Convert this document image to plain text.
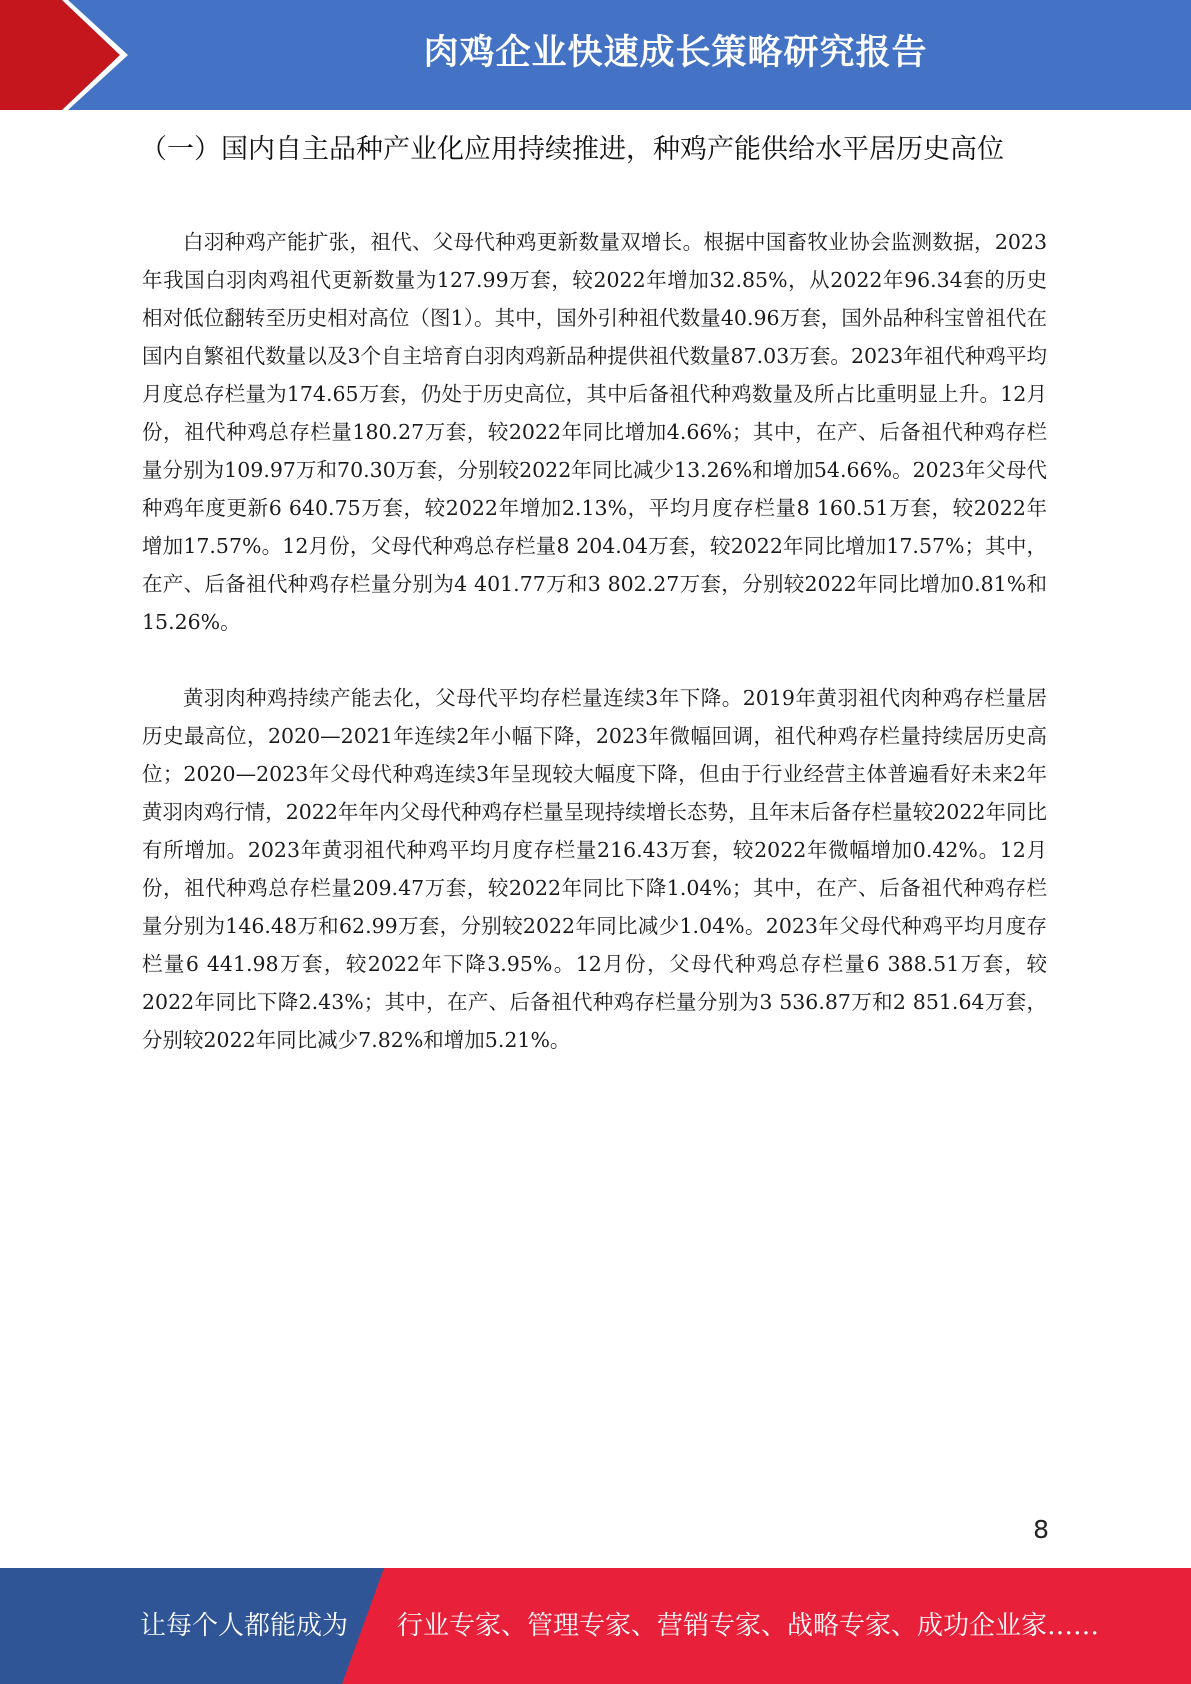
肉鸡企业快速成长策略研究报告
（一）国内自主品种产业化应用持续推进，种鸡产能供给水平居历史高位

白羽种鸡产能扩张，祖代、父母代种鸡更新数量双增长。根据中国畜牧业协会监测数据，2023年我国白羽肉鸡祖代更新数量为127.99万套，较2022年增加32.85%，从2022年96.34套的历史相对低位翻转至历史相对高位（图1）。其中，国外引种祖代数量40.96万套，国外品种科宝曾祖代在国内自繁祖代数量以及3个自主培育白羽肉鸡新品种提供祖代数量87.03万套。2023年祖代种鸡平均月度总存栏量为174.65万套，仍处于历史高位，其中后备祖代种鸡数量及所占比重明显上升。12月份，祖代种鸡总存栏量180.27万套，较2022年同比增加4.66%；其中，在产、后备祖代种鸡存栏量分别为109.97万和70.30万套，分别较2022年同比减少13.26%和增加54.66%。2023年父母代种鸡年度更新6 640.75万套，较2022年增加2.13%，平均月度存栏量8 160.51万套，较2022年增加17.57%。12月份，父母代种鸡总存栏量8 204.04万套，较2022年同比增加17.57%；其中，在产、后备祖代种鸡存栏量分别为4 401.77万和3 802.27万套，分别较2022年同比增加0.81%和15.26%。

黄羽肉种鸡持续产能去化，父母代平均存栏量连续3年下降。2019年黄羽祖代肉种鸡存栏量居历史最高位，2020—2021年连续2年小幅下降，2023年微幅回调，祖代种鸡存栏量持续居历史高位；2020—2023年父母代种鸡连续3年呈现较大幅度下降，但由于行业经营主体普遍看好未来2年黄羽肉鸡行情，2022年年内父母代种鸡存栏量呈现持续增长态势，且年末后备存栏量较2022年同比有所增加。2023年黄羽祖代种鸡平均月度存栏量216.43万套，较2022年微幅增加0.42%。12月份，祖代种鸡总存栏量209.47万套，较2022年同比下降1.04%；其中，在产、后备祖代种鸡存栏量分别为146.48万和62.99万套，分别较2022年同比减少1.04%。2023年父母代种鸡平均月度存栏量6 441.98万套，较2022年下降3.95%。12月份，父母代种鸡总存栏量6 388.51万套，较2022年同比下降2.43%；其中，在产、后备祖代种鸡存栏量分别为3 536.87万和2 851.64万套，分别较2022年同比减少7.82%和增加5.21%。

8
让每个人都能成为 行业专家、管理专家、营销专家、战略专家、成功企业家……
